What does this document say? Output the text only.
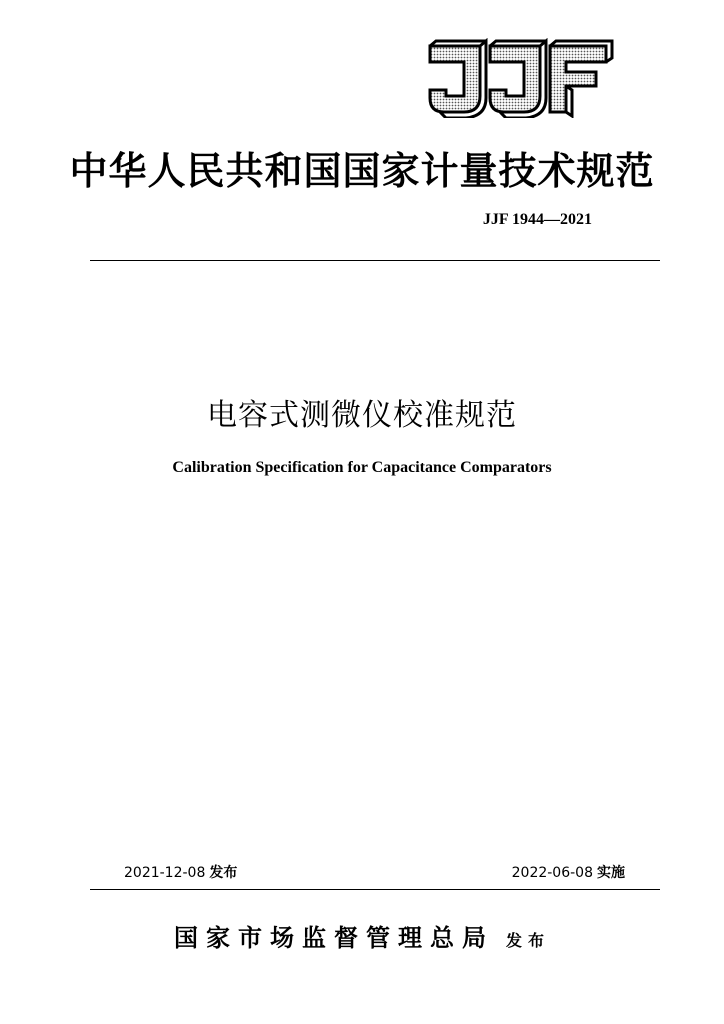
中华人民共和国国家计量技术规范
JJF 1944—2021
电容式测微仪校准规范
Calibration Specification for Capacitance Comparators
2021-12-08 发布	2022-06-08 实施
国家市场监督管理总局 发布
